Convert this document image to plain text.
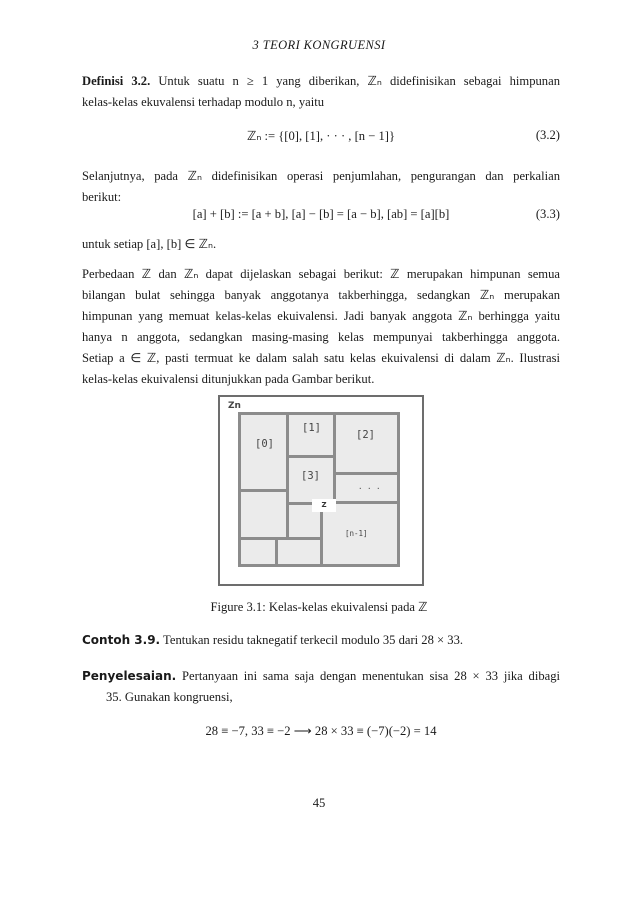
3 TEORI KONGRUENSI
Definisi 3.2. Untuk suatu n ≥ 1 yang diberikan, ℤₙ didefinisikan sebagai himpunan
kelas-kelas ekuvalensi terhadap modulo n, yaitu
ℤₙ := {[0], [1], · · · , [n − 1]}	(3.2)
Selanjutnya, pada ℤₙ didefinisikan operasi penjumlahan, pengurangan dan perkalian
berikut:
[a] + [b] := [a + b], [a] − [b] = [a − b], [ab] = [a][b]	(3.3)
untuk setiap [a], [b] ∈ ℤₙ.
Perbedaan ℤ dan ℤₙ dapat dijelaskan sebagai berikut: ℤ merupakan himpunan semua
bilangan bulat sehingga banyak anggotanya takberhingga, sedangkan ℤₙ merupakan
himpunan yang memuat kelas-kelas ekuivalensi. Jadi banyak anggota ℤₙ berhingga yaitu
hanya n anggota, sedangkan masing-masing kelas mempunyai takberhingga anggota.
Setiap a ∈ ℤ, pasti termuat ke dalam salah satu kelas ekuivalensi di dalam ℤₙ. Ilustrasi
kelas-kelas ekuivalensi ditunjukkan pada Gambar berikut.
Zn
[0]
[1]
[2]
[3]
. . .
[n-1]
Z
Figure 3.1: Kelas-kelas ekuivalensi pada ℤ
Contoh 3.9. Tentukan residu taknegatif terkecil modulo 35 dari 28 × 33.
Penyelesaian. Pertanyaan ini sama saja dengan menentukan sisa 28 × 33 jika dibagi
35. Gunakan kongruensi,
28 ≡ −7, 33 ≡ −2 ⟶ 28 × 33 ≡ (−7)(−2) = 14
45
